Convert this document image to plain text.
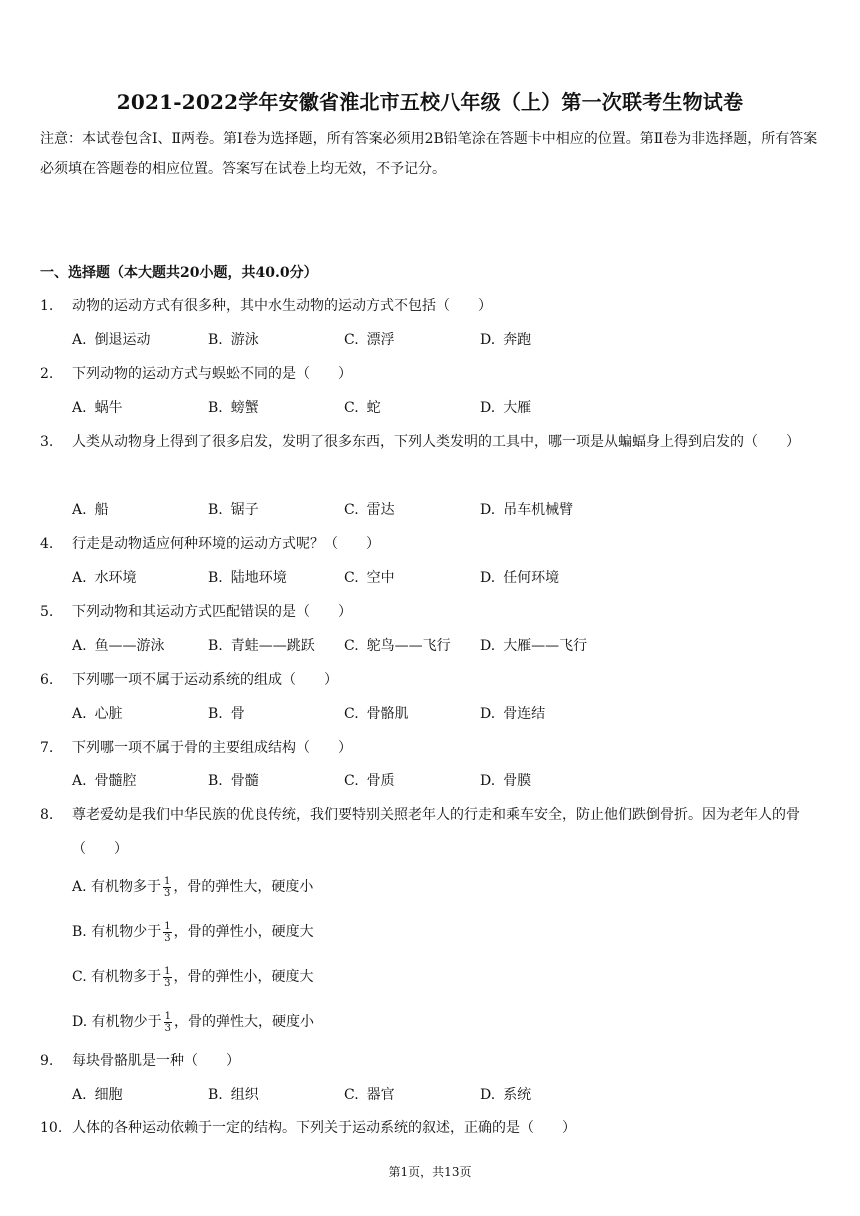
2021-2022学年安徽省淮北市五校八年级（上）第一次联考生物试卷
注意：本试卷包含Ⅰ、Ⅱ两卷。第Ⅰ卷为选择题，所有答案必须用2B铅笔涂在答题卡中相应的位置。第Ⅱ卷为非选择题，所有答案必须填在答题卷的相应位置。答案写在试卷上均无效，不予记分。
一、选择题（本大题共20小题，共40.0分）
1. 动物的运动方式有很多种，其中水生动物的运动方式不包括（　　）
A. 倒退运动	B. 游泳	C. 漂浮	D. 奔跑
2. 下列动物的运动方式与蜈蚣不同的是（　　）
A. 蜗牛	B. 螃蟹	C. 蛇	D. 大雁
3. 人类从动物身上得到了很多启发，发明了很多东西，下列人类发明的工具中，哪一项是从蝙蝠身上得到启发的（　　）
A. 船	B. 锯子	C. 雷达	D. 吊车机械臂
4. 行走是动物适应何种环境的运动方式呢？（　　）
A. 水环境	B. 陆地环境	C. 空中	D. 任何环境
5. 下列动物和其运动方式匹配错误的是（　　）
A. 鱼——游泳	B. 青蛙——跳跃 C. 鸵鸟——飞行 D. 大雁——飞行
6. 下列哪一项不属于运动系统的组成（　　）
A. 心脏	B. 骨	C. 骨骼肌	D. 骨连结
7. 下列哪一项不属于骨的主要组成结构（　　）
A. 骨髓腔	B. 骨髓	C. 骨质	D. 骨膜
8. 尊老爱幼是我们中华民族的优良传统，我们要特别关照老年人的行走和乘车安全，防止他们跌倒骨折。因为老年人的骨（　　）
A. 有机物多于 $\frac{1}{3}$ ，骨的弹性大，硬度小
B. 有机物少于 $\frac{1}{3}$ ，骨的弹性小，硬度大
C. 有机物多于 $\frac{1}{3}$ ，骨的弹性小，硬度大
D. 有机物少于 $\frac{1}{3}$ ，骨的弹性大，硬度小
9. 每块骨骼肌是一种（　　）
A. 细胞	B. 组织	C. 器官	D. 系统
10. 人体的各种运动依赖于一定的结构。下列关于运动系统的叙述，正确的是（　　）
第1页，共13页
